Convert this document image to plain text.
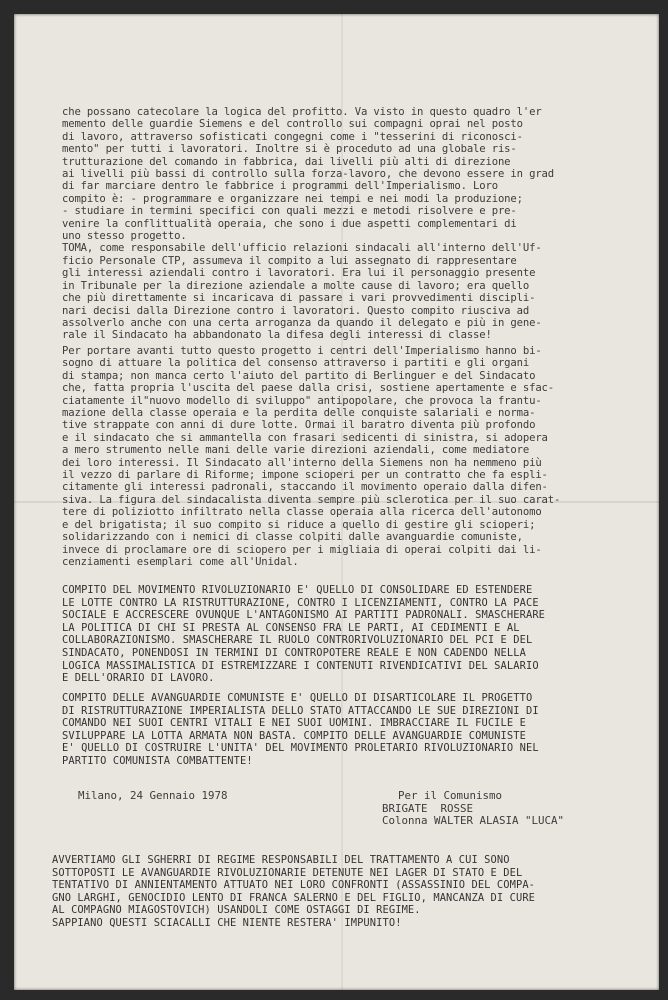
che possano catecolare la logica del profitto. Va visto in questo quadro l'er
memento delle guardie Siemens e del controllo sui compagni oprai nel posto
di lavoro, attraverso sofisticati congegni come i "tesserini di riconosci-
mento" per tutti i lavoratori. Inoltre si è proceduto ad una globale ris-
trutturazione del comando in fabbrica, dai livelli più alti di direzione
ai livelli più bassi di controllo sulla forza-lavoro, che devono essere in grad
di far marciare dentro le fabbrice i programmi dell'Imperialismo. Loro
compito è: - programmare e organizzare nei tempi e nei modi la produzione;
- studiare in termini specifici con quali mezzi e metodi risolvere e pre-
venire la conflittualità operaia, che sono i due aspetti complementari di
uno stesso progetto.
TOMA, come responsabile dell'ufficio relazioni sindacali all'interno dell'Uf-
ficio Personale CTP, assumeva il compito a lui assegnato di rappresentare
gli interessi aziendali contro i lavoratori. Era lui il personaggio presente
in Tribunale per la direzione aziendale a molte cause di lavoro; era quello
che più direttamente si incaricava di passare i vari provvedimenti discipli-
nari decisi dalla Direzione contro i lavoratori. Questo compito riusciva ad
assolverlo anche con una certa arroganza da quando il delegato e più in gene-
rale il Sindacato ha abbandonato la difesa degli interessi di classe!
Per portare avanti tutto questo progetto i centri dell'Imperialismo hanno bi-
sogno di attuare la politica del consenso attraverso i partiti e gli organi
di stampa; non manca certo l'aiuto del partito di Berlinguer e del Sindacato
che, fatta propria l'uscita del paese dalla crisi, sostiene apertamente e sfac-
ciatamente il"nuovo modello di sviluppo" antipopolare, che provoca la frantu-
mazione della classe operaia e la perdita delle conquiste salariali e norma-
tive strappate con anni di dure lotte. Ormai il baratro diventa più profondo
e il sindacato che si ammantella con frasari sedicenti di sinistra, si adopera
a mero strumento nelle mani delle varie direzioni aziendali, come mediatore
dei loro interessi. Il Sindacato all'interno della Siemens non ha nemmeno più
il vezzo di parlare di Riforme; impone scioperi per un contratto che fa espli-
citamente gli interessi padronali, staccando il movimento operaio dalla difen-
siva. La figura del sindacalista diventa sempre più sclerotica per il suo carat-
tere di poliziotto infiltrato nella classe operaia alla ricerca dell'autonomo
e del brigatista; il suo compito si riduce a quello di gestire gli scioperi;
solidarizzando con i nemici di classe colpiti dalle avanguardie comuniste,
invece di proclamare ore di sciopero per i migliaia di operai colpiti dai li-
cenziamenti esemplari come all'Unidal.
COMPITO DEL MOVIMENTO RIVOLUZIONARIO E' QUELLO DI CONSOLIDARE ED ESTENDERE
LE LOTTE CONTRO LA RISTRUTTURAZIONE, CONTRO I LICENZIAMENTI, CONTRO LA PACE
SOCIALE E ACCRESCERE OVUNQUE L'ANTAGONISMO AI PARTITI PADRONALI. SMASCHERARE
LA POLITICA DI CHI SI PRESTA AL CONSENSO FRA LE PARTI, AI CEDIMENTI E AL
COLLABORAZIONISMO. SMASCHERARE IL RUOLO CONTRORIVOLUZIONARIO DEL PCI E DEL
SINDACATO, PONENDOSI IN TERMINI DI CONTROPOTERE REALE E NON CADENDO NELLA
LOGICA MASSIMALISTICA DI ESTREMIZZARE I CONTENUTI RIVENDICATIVI DEL SALARIO
E DELL'ORARIO DI LAVORO.
COMPITO DELLE AVANGUARDIE COMUNISTE E' QUELLO DI DISARTICOLARE IL PROGETTO
DI RISTRUTTURAZIONE IMPERIALISTA DELLO STATO ATTACCANDO LE SUE DIREZIONI DI
COMANDO NEI SUOI CENTRI VITALI E NEI SUOI UOMINI. IMBRACCIARE IL FUCILE E
SVILUPPARE LA LOTTA ARMATA NON BASTA. COMPITO DELLE AVANGUARDIE COMUNISTE
E' QUELLO DI COSTRUIRE L'UNITA' DEL MOVIMENTO PROLETARIO RIVOLUZIONARIO NEL
PARTITO COMUNISTA COMBATTENTE!
Milano, 24 Gennaio 1978	Per il Comunismo
BRIGATE  ROSSE
Colonna WALTER ALASIA "LUCA"
AVVERTIAMO GLI SGHERRI DI REGIME RESPONSABILI DEL TRATTAMENTO A CUI SONO
SOTTOPOSTI LE AVANGUARDIE RIVOLUZIONARIE DETENUTE NEI LAGER DI STATO E DEL
TENTATIVO DI ANNIENTAMENTO ATTUATO NEI LORO CONFRONTI (ASSASSINIO DEL COMPA-
GNO LARGHI, GENOCIDIO LENTO DI FRANCA SALERNO E DEL FIGLIO, MANCANZA DI CURE
AL COMPAGNO MIAGOSTOVICH) USANDOLI COME OSTAGGI DI REGIME.
SAPPIANO QUESTI SCIACALLI CHE NIENTE RESTERA' IMPUNITO!
